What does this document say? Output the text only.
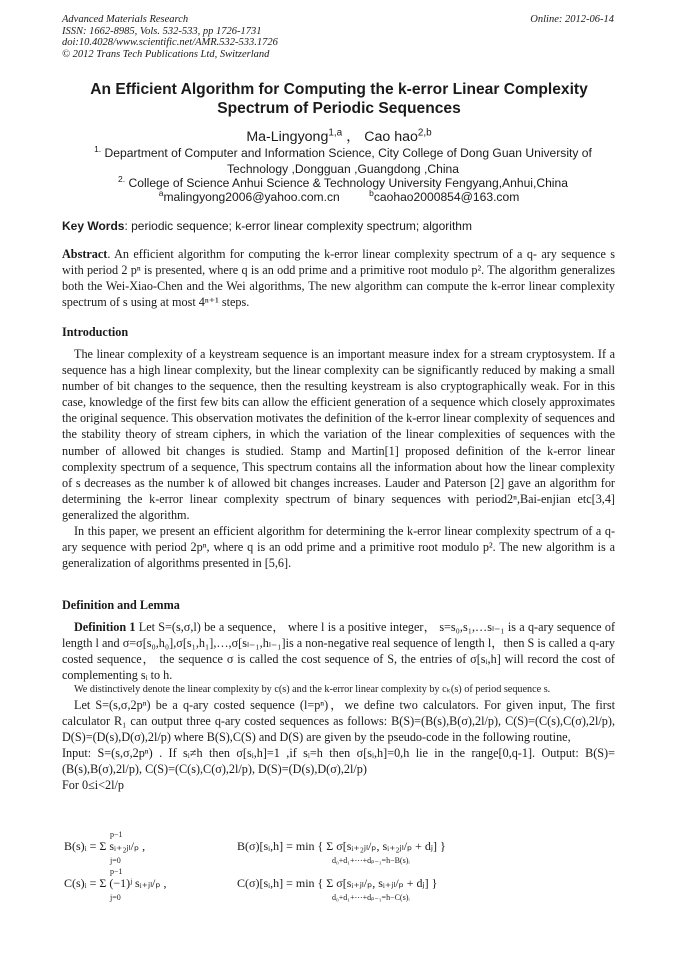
Advanced Materials Research
ISSN: 1662-8985, Vols. 532-533, pp 1726-1731
doi:10.4028/www.scientific.net/AMR.532-533.1726
© 2012 Trans Tech Publications Ltd, Switzerland
Online: 2012-06-14
An Efficient Algorithm for Computing the k-error Linear Complexity Spectrum of Periodic Sequences
Ma-Lingyong$^{1,a}$ ， Cao hao$^{2,b}$
$^{1.}$ Department of Computer and Information Science, City College of Dong Guan University of Technology ,Dongguan ,Guangdong ,China
$^{2.}$ College of Science Anhui Science & Technology University Fengyang,Anhui,China
$^a$malingyong2006@yahoo.com.cn	$^b$caohao2000854@163.com
Key Words: periodic sequence; k-error linear complexity spectrum; algorithm
Abstract. An efficient algorithm for computing the k-error linear complexity spectrum of a q- ary sequence s with period 2 pⁿ is presented, where q is an odd prime and a primitive root modulo p². The algorithm generalizes both the Wei-Xiao-Chen and the Wei algorithms, The new algorithm can compute the k-error linear complexity spectrum of s using at most 4ⁿ⁺¹ steps.
Introduction

The linear complexity of a keystream sequence is an important measure index for a stream cryptosystem. If a sequence has a high linear complexity, but the linear complexity can be significantly reduced by making a small number of bit changes to the sequence, then the resulting keystream is also cryptographically weak. For in this case, knowledge of the first few bits can allow the efficient generation of a sequence which closely approximates the original sequence. This observation motivates the definition of the k-error linear complexity of sequences and the stability theory of stream ciphers, in which the variation of the linear complexities of sequences with the number of allowed bit changes is studied. Stamp and Martin[1] proposed definition of the k-error linear complexity spectrum of a sequence, This spectrum contains all the information about how the linear complexity of s decreases as the number k of allowed bit changes increases. Lauder and Paterson [2] gave an algorithm for determining the k-error linear complexity spectrum of binary sequences with period2ⁿ,Bai-enjian etc[3,4] generalized the algorithm.

In this paper, we present an efficient algorithm for determining the k-error linear complexity spectrum of a q-ary sequence with period 2pⁿ, where q is an odd prime and a primitive root modulo p². The new algorithm is a generalization of algorithms presented in [5,6].

Definition and Lemma

Definition 1 Let S=(s,σ,l) be a sequence， where l is a positive integer， s=s₀,s₁,…sₗ₋₁ is a q-ary sequence of length l and σ=σ[s₀,h₀],σ[s₁,h₁],…,σ[sₗ₋₁,hₗ₋₁]is a non-negative real sequence of length l，then S is called a q-ary costed sequence， the sequence σ is called the cost sequence of S, the entries of σ[sᵢ,h] will record the cost of complementing sᵢ to h.

We distinctively denote the linear complexity by c(s) and the k-error linear complexity by cₖ(s) of period sequence s.

Let S=(s,σ,2pⁿ) be a q-ary costed sequence (l=pⁿ)，we define two calculators. For given input, The first calculator R₁ can output three q-ary costed sequences as follows: B(S)=(B(s),B(σ),2l/p), C(S)=(C(s),C(σ),2l/p), D(S)=(D(s),D(σ),2l/p) where B(S),C(S) and D(S) are given by the pseudo-code in the following routine,

Input: S=(s,σ,2pⁿ) . If sᵢ≠h then σ[sᵢ,h]=1 ,if sᵢ=h then σ[sᵢ,h]=0,h lie in the range[0,q-1]. Output: B(S)=(B(s),B(σ),2l/p), C(S)=(C(s),C(σ),2l/p), D(S)=(D(s),D(σ),2l/p)

For 0≤i<2l/p

B(s)ᵢ = Σ sᵢ₊₂ⱼₗ/ₚ ,	B(σ)[sᵢ,h] = min { Σ σ[sᵢ₊₂ⱼₗ/ₚ, sᵢ₊₂ⱼₗ/ₚ + dⱼ] }
p−1
j=0	d₀+d₁+⋯+dₚ₋₁=h−B(s)ᵢ
C(s)ᵢ = Σ (−1)ʲ sᵢ₊ⱼₗ/ₚ ,	C(σ)[sᵢ,h] = min { Σ σ[sᵢ₊ⱼₗ/ₚ, sᵢ₊ⱼₗ/ₚ + dⱼ] }
p−1
j=0	d₀+d₁+⋯+dₚ₋₁=h−C(s)ᵢ
